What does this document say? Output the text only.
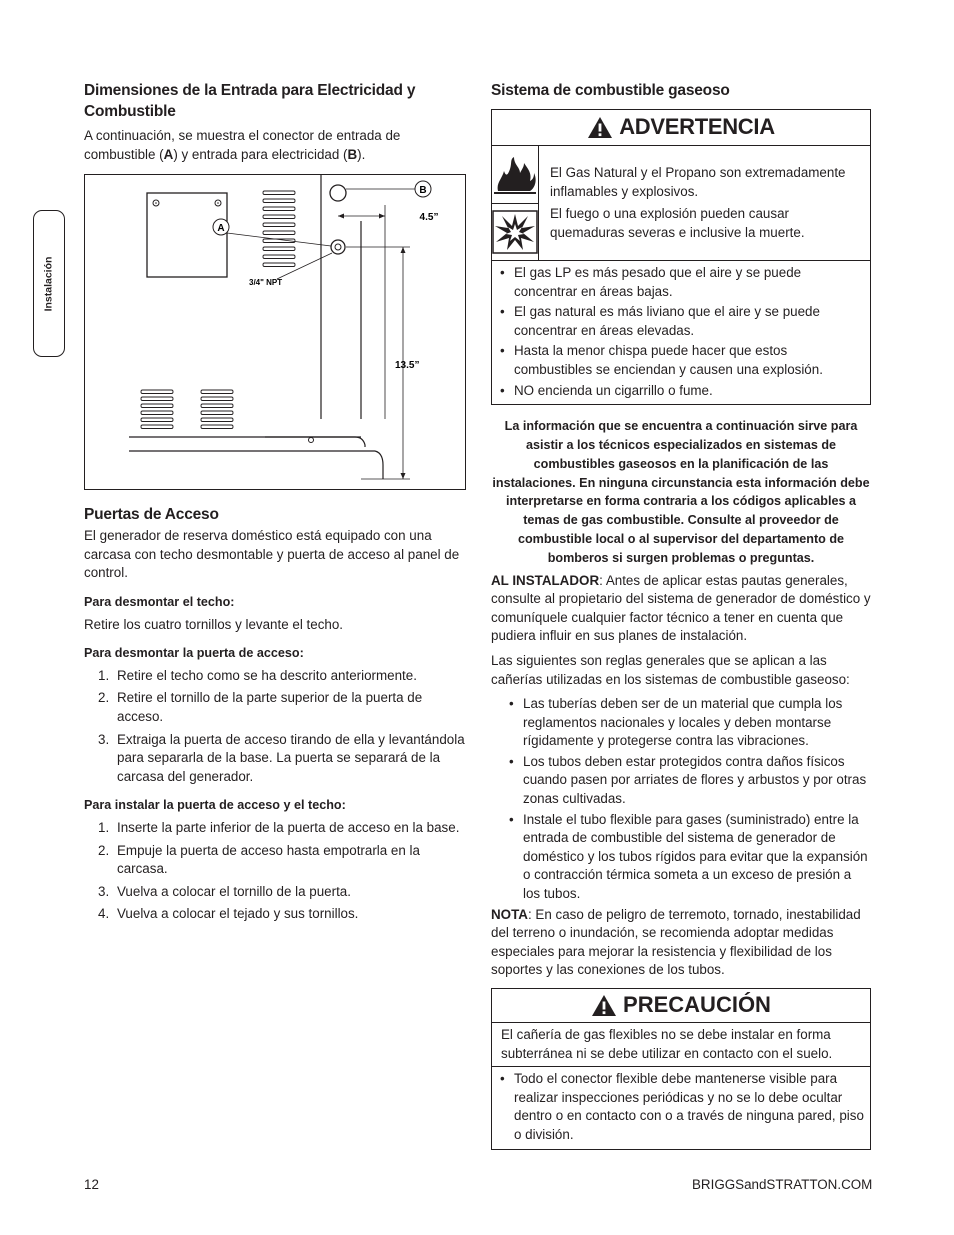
Instalación
Dimensiones de la Entrada para Electricidad y Combustible

A continuación, se muestra el conector de entrada de combustible (A) y entrada para electricidad (B).

B
A
3/4" NPT
4.5”
13.5”
Puertas de Acceso

El generador de reserva doméstico está equipado con una carcasa con techo desmontable y puerta de acceso al panel de control.

Para desmontar el techo:

Retire los cuatro tornillos y levante el techo.

Para desmontar la puerta de acceso:
1. Retire el techo como se ha descrito anteriormente.
2. Retire el tornillo de la parte superior de la puerta de acceso.
3. Extraiga la puerta de acceso tirando de ella y levantándola para separarla de la base. La puerta se separará de la carcasa del generador.
Para instalar la puerta de acceso y el techo:
1. Inserte la parte inferior de la puerta de acceso en la base.
2. Empuje la puerta de acceso hasta empotrarla en la carcasa.
3. Vuelva a colocar el tornillo de la puerta.
4. Vuelva a colocar el tejado y sus tornillos.
Sistema de combustible gaseoso
ADVERTENCIA

El Gas Natural y el Propano son extremadamente inflamables y explosivos.

El fuego o una explosión pueden causar quemaduras severas e inclusive la muerte.

• El gas LP es más pesado que el aire y se puede concentrar en áreas bajas.
• El gas natural es más liviano que el aire y se puede concentrar en áreas elevadas.
• Hasta la menor chispa puede hacer que estos combustibles se enciendan y causen una explosión.
• NO encienda un cigarrillo o fume.

La información que se encuentra a continuación sirve para asistir a los técnicos especializados en sistemas de combustibles gaseosos en la planificación de las instalaciones. En ninguna circunstancia esta información debe interpretarse en forma contraria a los códigos aplicables a temas de gas combustible. Consulte al proveedor de combustible local o al supervisor del departamento de bomberos si surgen problemas o preguntas.

AL INSTALADOR: Antes de aplicar estas pautas generales, consulte al propietario del sistema de generador de doméstico y comuníquele cualquier factor técnico a tener en cuenta que pudiera influir en sus planes de instalación.

Las siguientes son reglas generales que se aplican a las cañerías utilizadas en los sistemas de combustible gaseoso:

• Las tuberías deben ser de un material que cumpla los reglamentos nacionales y locales y deben montarse rígidamente y protegerse contra las vibraciones.
• Los tubos deben estar protegidos contra daños físicos cuando pasen por arriates de flores y arbustos y por otras zonas cultivadas.
• Instale el tubo flexible para gases (suministrado) entre la entrada de combustible del sistema de generador de doméstico y los tubos rígidos para evitar que la expansión o contracción térmica someta a un exceso de presión a los tubos.

NOTA: En caso de peligro de terremoto, tornado, inestabilidad del terreno o inundación, se recomienda adoptar medidas especiales para mejorar la resistencia y flexibilidad de los soportes y las conexiones de los tubos.

PRECAUCIÓN
El cañería de gas flexibles no se debe instalar en forma subterránea ni se debe utilizar en contacto con el suelo.
• Todo el conector flexible debe mantenerse visible para realizar inspecciones periódicas y no se lo debe ocultar dentro o en contacto con o a través de ninguna pared, piso o división.
12	BRIGGSandSTRATTON.COM
